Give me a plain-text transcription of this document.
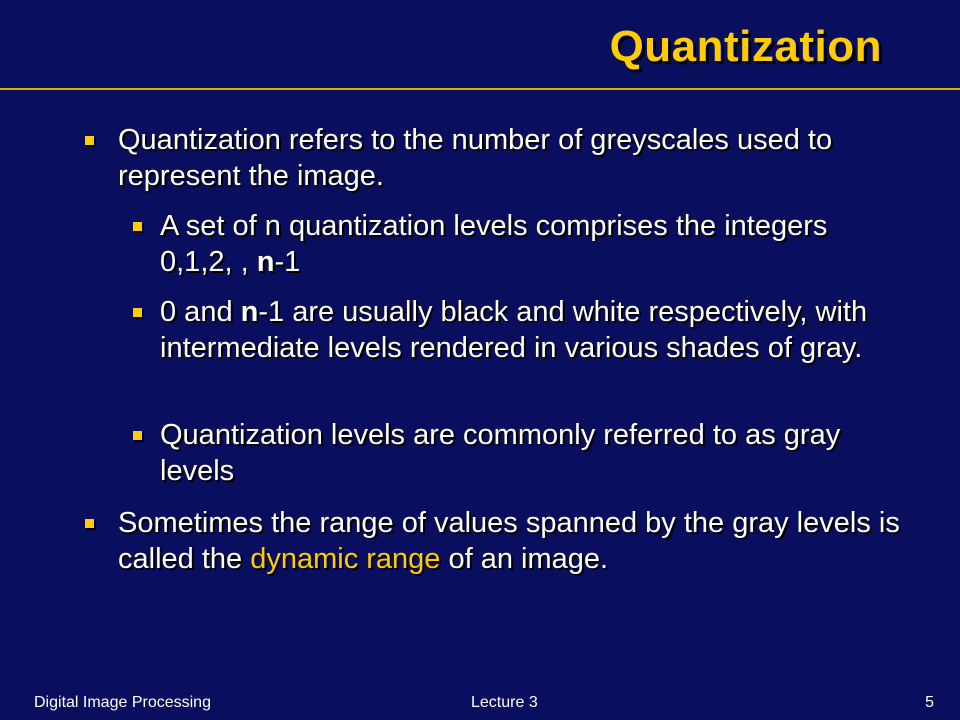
Quantization
Quantization refers to the number of greyscales used to represent the image.
A set of n quantization levels comprises the integers 0,1,2, , n-1
0 and n-1 are usually black and white respectively, with intermediate levels rendered in various shades of gray.
Quantization levels are commonly referred to as gray levels
Sometimes the range of values spanned by the gray levels is called the dynamic range of an image.
Digital Image Processing	Lecture 3	5
